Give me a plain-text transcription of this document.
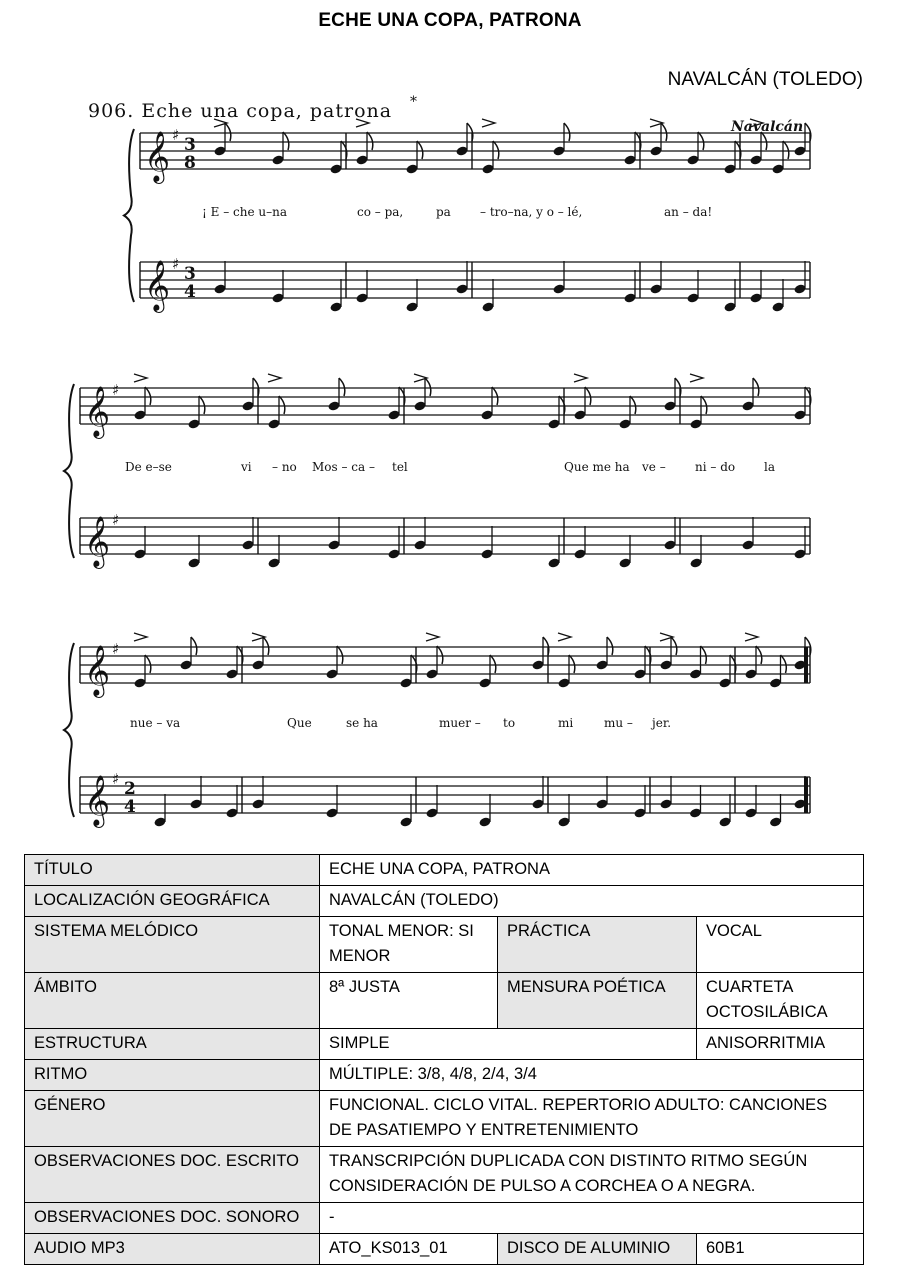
ECHE UNA COPA, PATRONA
NAVALCÁN (TOLEDO)
906. Eche una copa, patrona *
Navalcán
¡ E – che u–na	co – pa,	pa – tro–na, y o – lé,	an – da!
𝄞 ♯ 3
8
𝄞 ♯ 3
4
De e–se	vi – no Mos – ca – tel	Que me ha ve – ni – do la
𝄞 ♯
𝄞 ♯
nue – va	Que	se ha	muer – to	mi	mu – jer.
𝄞 ♯
𝄞 ♯ 2
4
TÍTULO	ECHE UNA COPA, PATRONA		
LOCALIZACIÓN GEOGRÁFICA	NAVALCÁN (TOLEDO)		
SISTEMA MELÓDICO	TONAL MENOR: SI MENOR	PRÁCTICA	VOCAL
ÁMBITO	8ª JUSTA	MENSURA POÉTICA	CUARTETA OCTOSILÁBICA
ESTRUCTURA	SIMPLE		ANISORRITMIA
RITMO	MÚLTIPLE: 3/8, 4/8, 2/4, 3/4		
GÉNERO	FUNCIONAL. CICLO VITAL. REPERTORIO ADULTO: CANCIONES DE PASATIEMPO Y ENTRETENIMIENTO		
OBSERVACIONES DOC. ESCRITO	TRANSCRIPCIÓN DUPLICADA CON DISTINTO RITMO SEGÚN CONSIDERACIÓN DE PULSO A CORCHEA O A NEGRA.		
OBSERVACIONES DOC. SONORO	-		
AUDIO MP3	ATO_KS013_01	DISCO DE ALUMINIO	60B1
